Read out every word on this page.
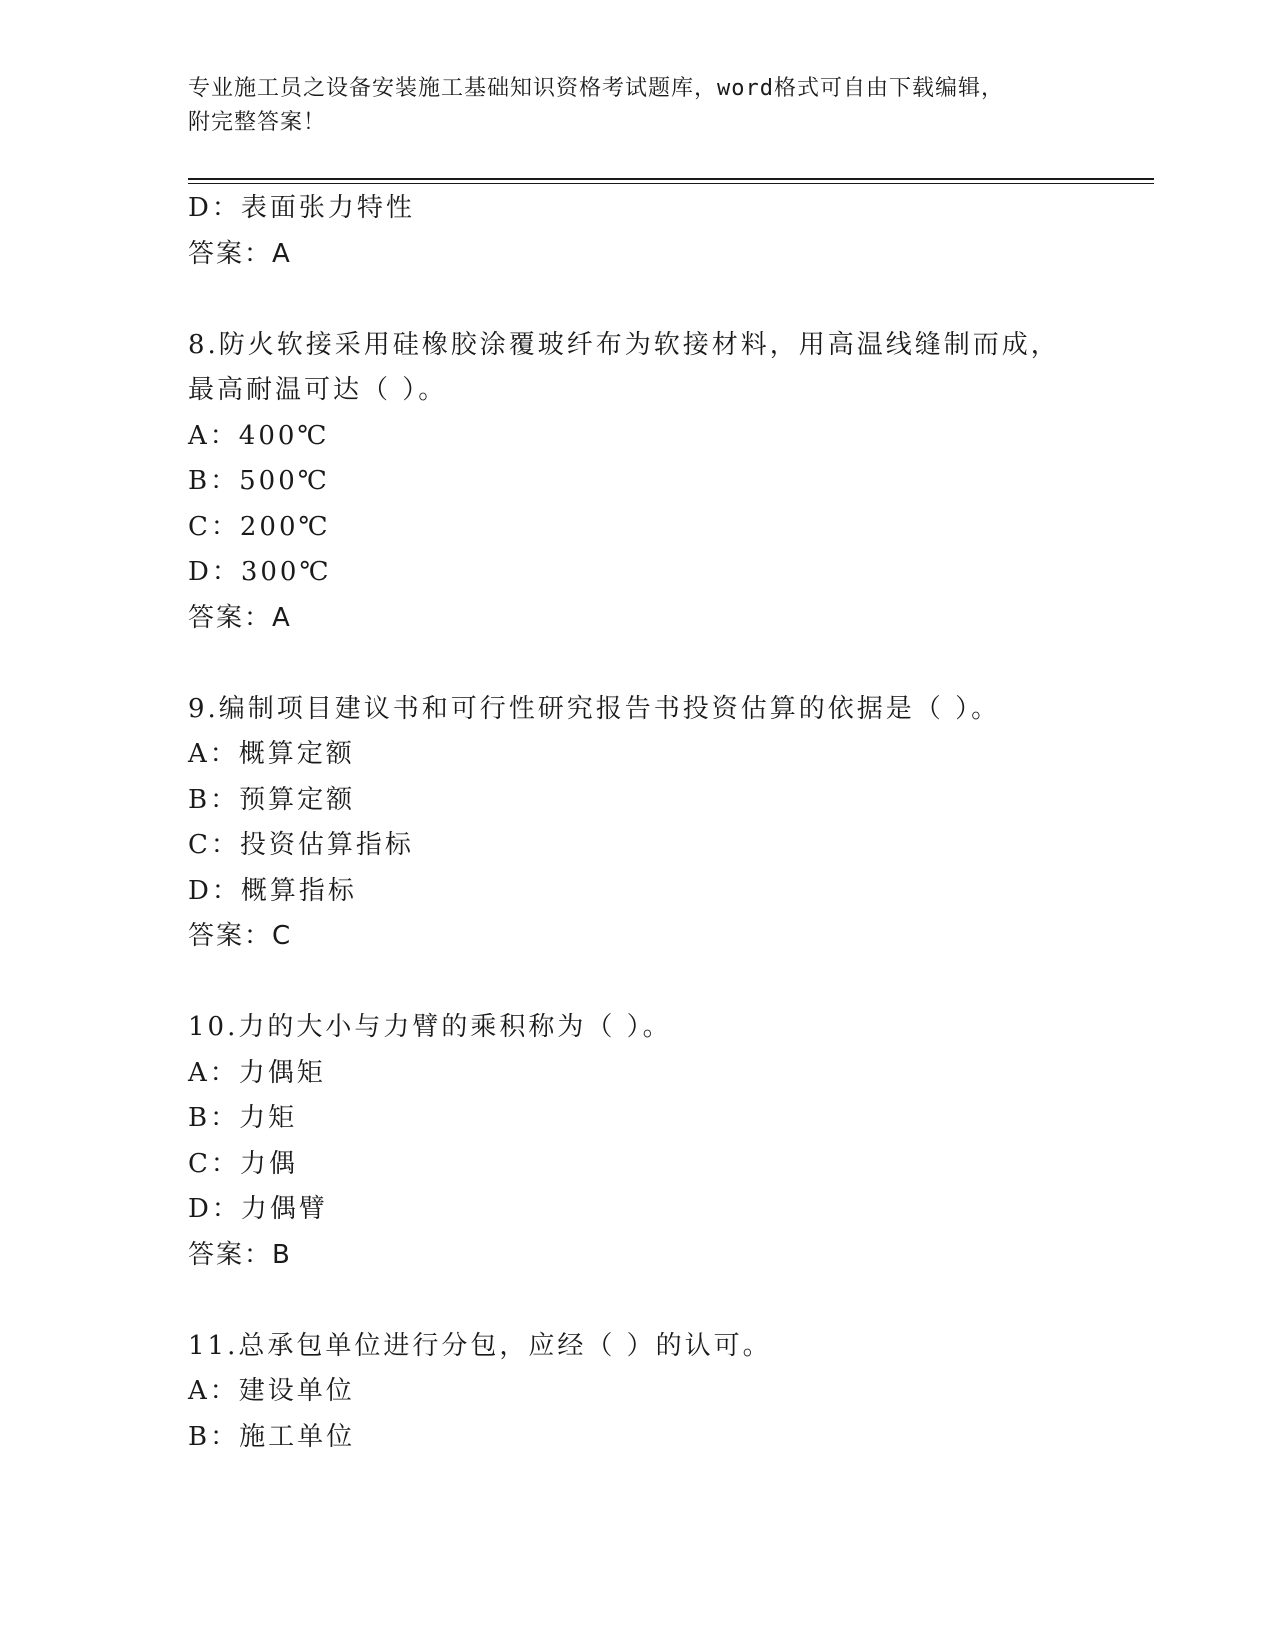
专业施工员之设备安装施工基础知识资格考试题库，word格式可自由下载编辑，
附完整答案！
D：表面张力特性
答案：A
8.防火软接采用硅橡胶涂覆玻纤布为软接材料，用高温线缝制而成，
最高耐温可达（ ）。
A：400℃
B：500℃
C：200℃
D：300℃
答案：A
9.编制项目建议书和可行性研究报告书投资估算的依据是（ ）。
A：概算定额
B：预算定额
C：投资估算指标
D：概算指标
答案：C
10.力的大小与力臂的乘积称为（ ）。
A：力偶矩
B：力矩
C：力偶
D：力偶臂
答案：B
11.总承包单位进行分包，应经（ ）的认可。
A：建设单位
B：施工单位
